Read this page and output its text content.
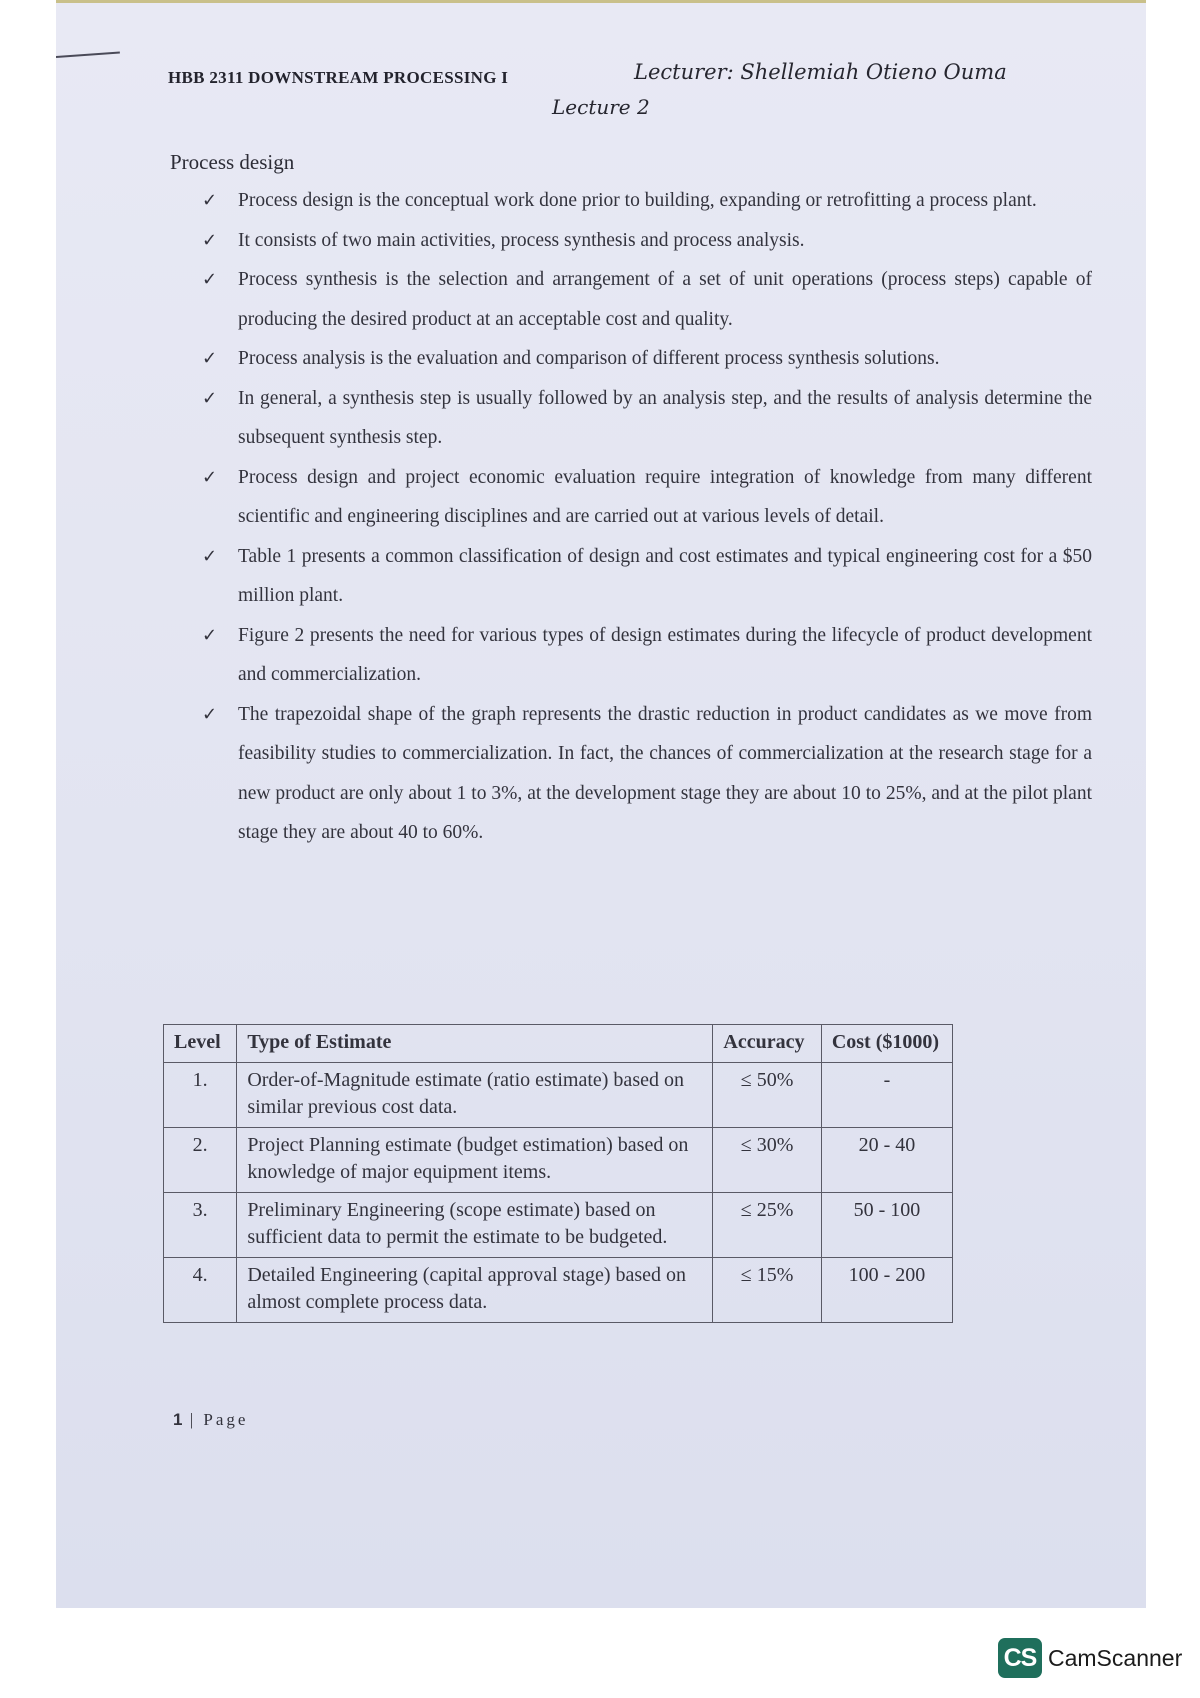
HBB 2311 DOWNSTREAM PROCESSING I	Lecturer: Shellemiah Otieno Ouma
Lecture 2
Process design
✓ Process design is the conceptual work done prior to building, expanding or retrofitting a process plant.
✓ It consists of two main activities, process synthesis and process analysis.
✓ Process synthesis is the selection and arrangement of a set of unit operations (process steps) capable of producing the desired product at an acceptable cost and quality.
✓ Process analysis is the evaluation and comparison of different process synthesis solutions.
✓ In general, a synthesis step is usually followed by an analysis step, and the results of analysis determine the subsequent synthesis step.
✓ Process design and project economic evaluation require integration of knowledge from many different scientific and engineering disciplines and are carried out at various levels of detail.
✓ Table 1 presents a common classification of design and cost estimates and typical engineering cost for a $50 million plant.
✓ Figure 2 presents the need for various types of design estimates during the lifecycle of product development and commercialization.
✓ The trapezoidal shape of the graph represents the drastic reduction in product candidates as we move from feasibility studies to commercialization. In fact, the chances of commercialization at the research stage for a new product are only about 1 to 3%, at the development stage they are about 10 to 25%, and at the pilot plant stage they are about 40 to 60%.
Level	Type of Estimate	Accuracy	Cost ($1000)
1.	Order-of-Magnitude estimate (ratio estimate) based on similar previous cost data.	≤ 50%	-
2.	Project Planning estimate (budget estimation) based on knowledge of major equipment items.	≤ 30%	20 - 40
3.	Preliminary Engineering (scope estimate) based on sufficient data to permit the estimate to be budgeted.	≤ 25%	50 - 100
4.	Detailed Engineering (capital approval stage) based on almost complete process data.	≤ 15%	100 - 200
1 | Page
CS CamScanner
